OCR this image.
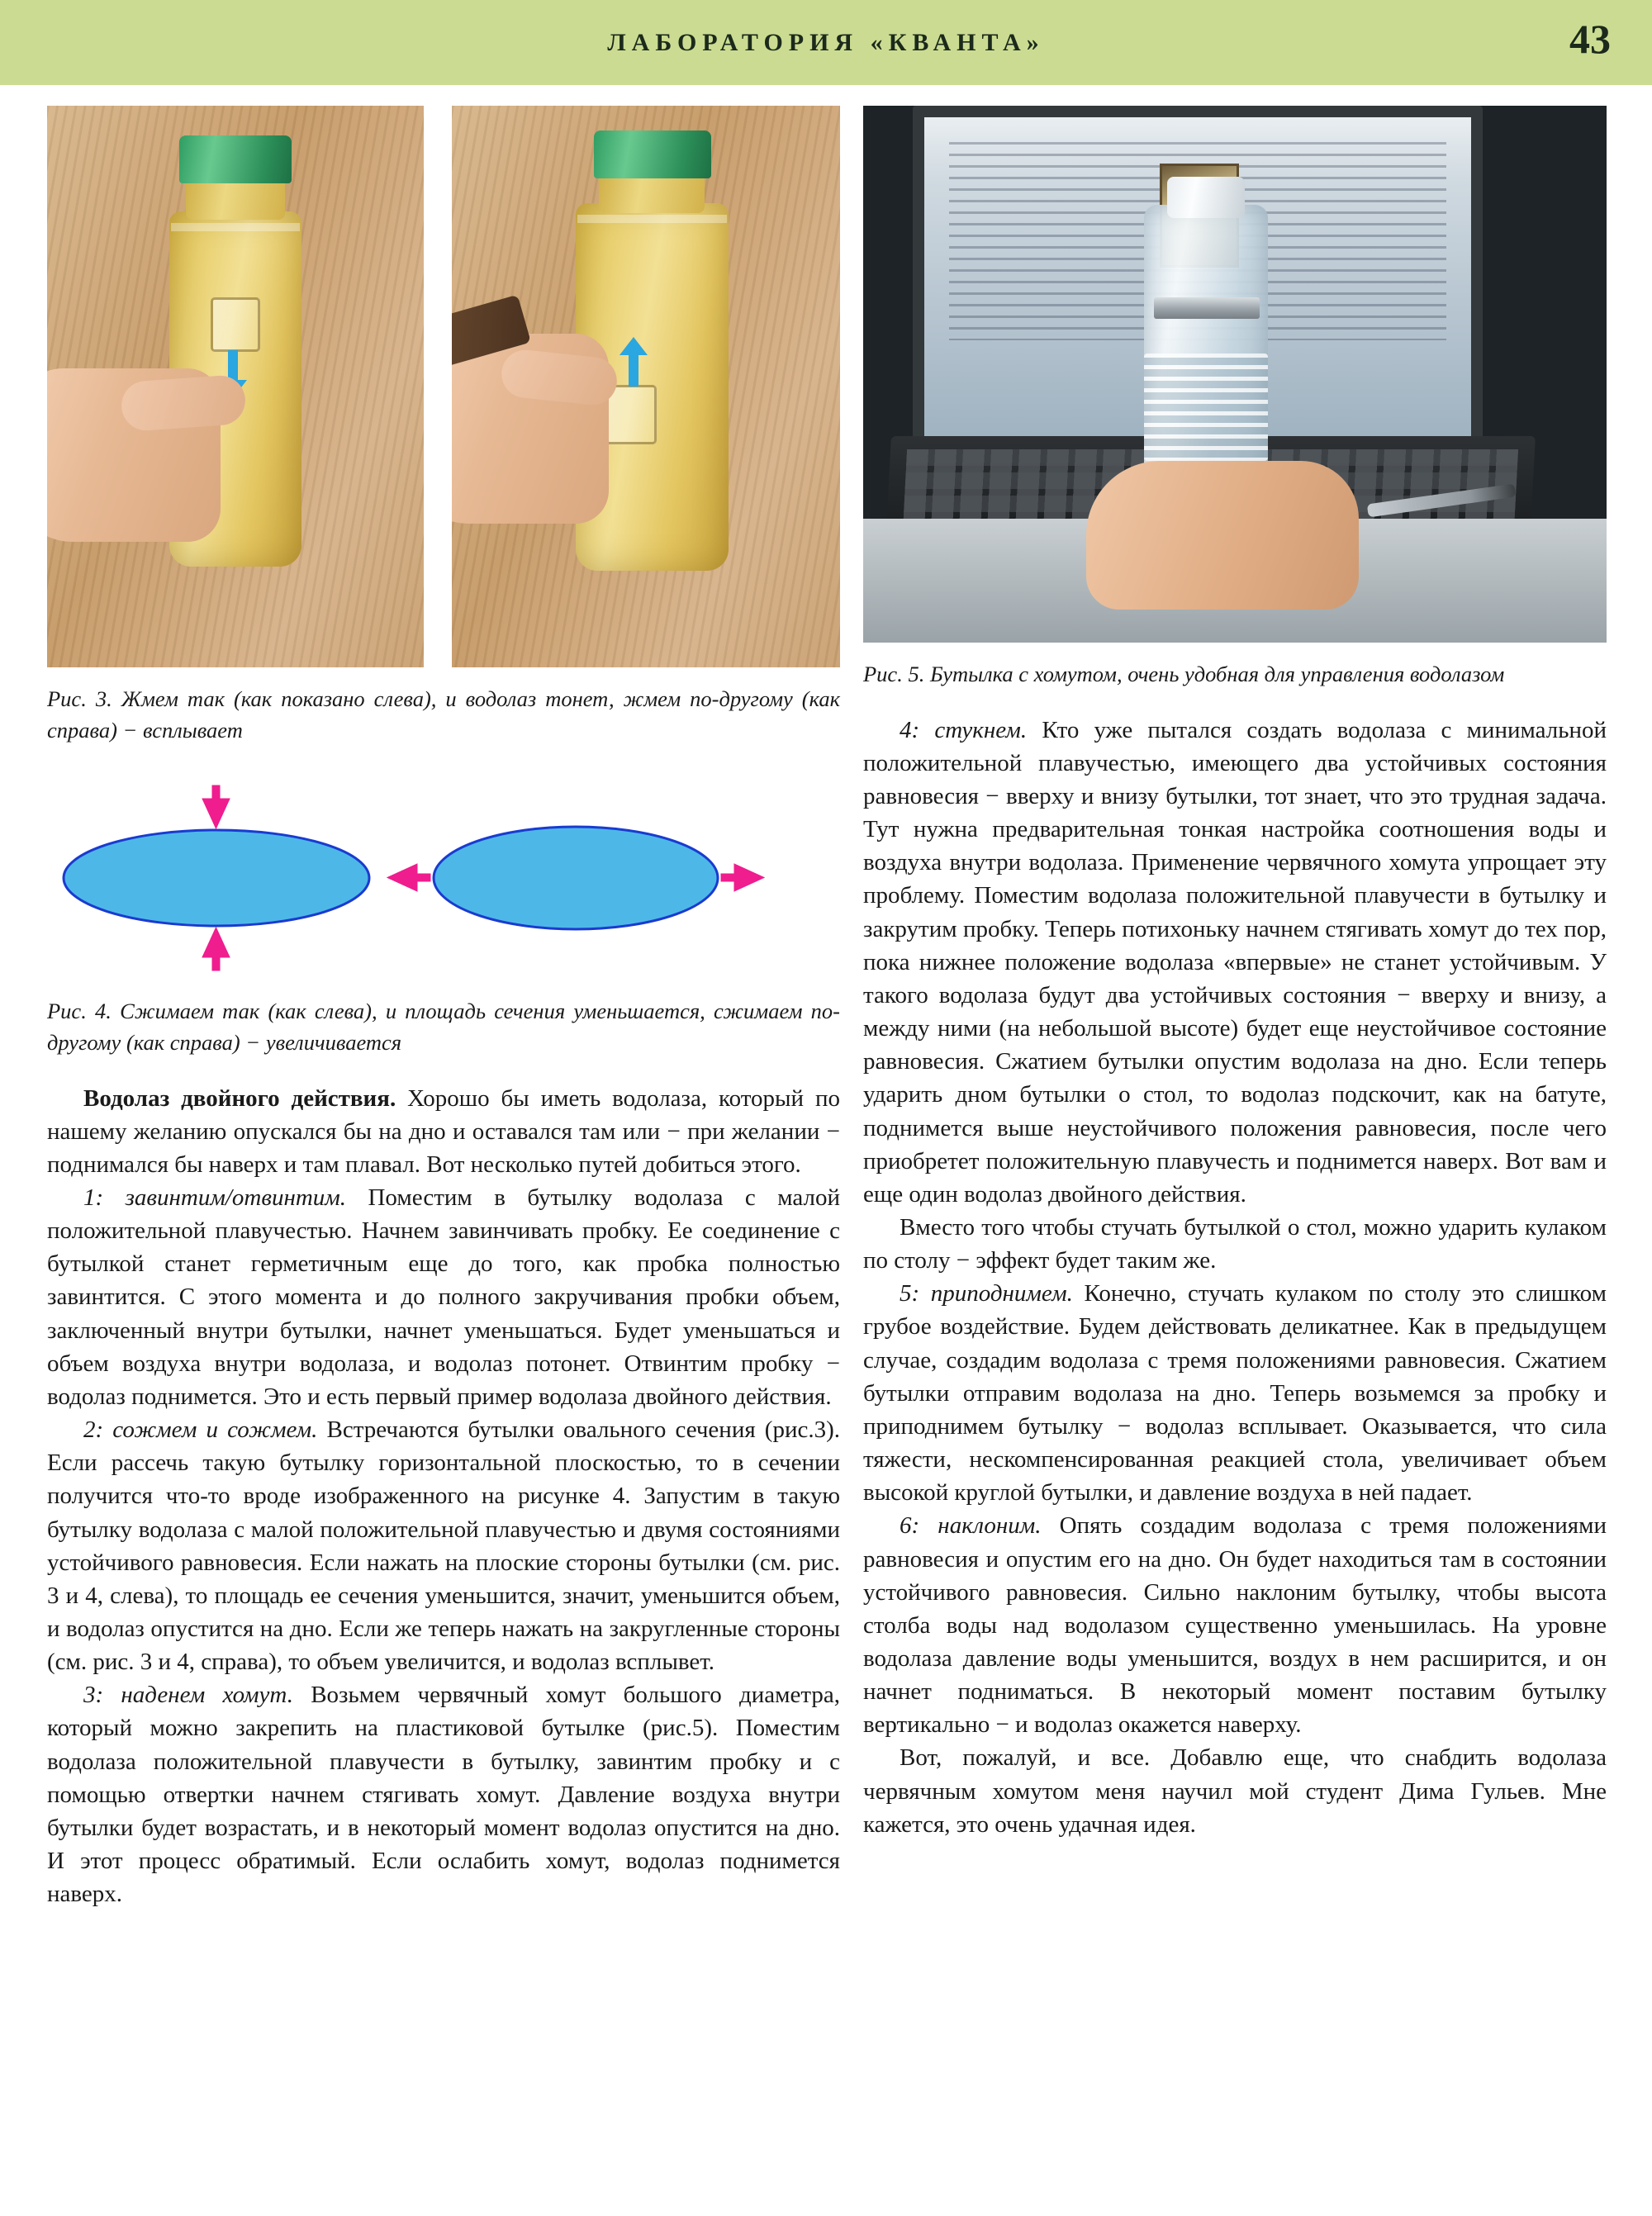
ЛАБОРАТОРИЯ «КВАНТА»	43
Рис. 3. Жмем так (как показано слева), и водолаз тонет, жмем по-другому (как справа) − всплывает
Рис. 4. Сжимаем так (как слева), и площадь сечения уменьшается, сжимаем по-другому (как справа) − увеличивается

Водолаз двойного действия. Хорошо бы иметь водолаза, который по нашему желанию опускался бы на дно и оставался там или − при желании − поднимался бы наверх и там плавал. Вот несколько путей добиться этого.

1: завинтим/отвинтим. Поместим в бутылку водолаза с малой положительной плавучестью. Начнем завинчивать пробку. Ее соединение с бутылкой станет герметичным еще до того, как пробка полностью завинтится. С этого момента и до полного закручивания пробки объем, заключенный внутри бутылки, начнет уменьшаться. Будет уменьшаться и объем воздуха внутри водолаза, и водолаз потонет. Отвинтим пробку − водолаз поднимется. Это и есть первый пример водолаза двойного действия.

2: сожмем и сожмем. Встречаются бутылки овального сечения (рис.3). Если рассечь такую бутылку горизонтальной плоскостью, то в сечении получится что-то вроде изображенного на рисунке 4. Запустим в такую бутылку водолаза с малой положительной плавучестью и двумя состояниями устойчивого равновесия. Если нажать на плоские стороны бутылки (см. рис. 3 и 4, слева), то площадь ее сечения уменьшится, значит, уменьшится объем, и водолаз опустится на дно. Если же теперь нажать на закругленные стороны (см. рис. 3 и 4, справа), то объем увеличится, и водолаз всплывет.

3: наденем хомут. Возьмем червячный хомут большого диаметра, который можно закрепить на пластиковой бутылке (рис.5). Поместим водолаза положительной плавучести в бутылку, завинтим пробку и с помощью отвертки начнем стягивать хомут. Давление воздуха внутри бутылки будет возрастать, и в некоторый момент водолаз опустится на дно. И этот процесс обратимый. Если ослабить хомут, водолаз поднимется наверх.

Рис. 5. Бутылка с хомутом, очень удобная для управления водолазом

4: стукнем. Кто уже пытался создать водолаза с минимальной положительной плавучестью, имеющего два устойчивых состояния равновесия − вверху и внизу бутылки, тот знает, что это трудная задача. Тут нужна предварительная тонкая настройка соотношения воды и воздуха внутри водолаза. Применение червячного хомута упрощает эту проблему. Поместим водолаза положительной плавучести в бутылку и закрутим пробку. Теперь потихоньку начнем стягивать хомут до тех пор, пока нижнее положение водолаза «впервые» не станет устойчивым. У такого водолаза будут два устойчивых состояния − вверху и внизу, а между ними (на небольшой высоте) будет еще неустойчивое состояние равновесия. Сжатием бутылки опустим водолаза на дно. Если теперь ударить дном бутылки о стол, то водолаз подскочит, как на батуте, поднимется выше неустойчивого положения равновесия, после чего приобретет положительную плавучесть и поднимется наверх. Вот вам и еще один водолаз двойного действия.

Вместо того чтобы стучать бутылкой о стол, можно ударить кулаком по столу − эффект будет таким же.

5: приподнимем. Конечно, стучать кулаком по столу это слишком грубое воздействие. Будем действовать деликатнее. Как в предыдущем случае, создадим водолаза с тремя положениями равновесия. Сжатием бутылки отправим водолаза на дно. Теперь возьмемся за пробку и приподнимем бутылку − водолаз всплывает. Оказывается, что сила тяжести, нескомпенсированная реакцией стола, увеличивает объем высокой круглой бутылки, и давление воздуха в ней падает.

6: наклоним. Опять создадим водолаза с тремя положениями равновесия и опустим его на дно. Он будет находиться там в состоянии устойчивого равновесия. Сильно наклоним бутылку, чтобы высота столба воды над водолазом существенно уменьшилась. На уровне водолаза давление воды уменьшится, воздух в нем расширится, и он начнет подниматься. В некоторый момент поставим бутылку вертикально − и водолаз окажется наверху.

Вот, пожалуй, и все. Добавлю еще, что снабдить водолаза червячным хомутом меня научил мой студент Дима Гульев. Мне кажется, это очень удачная идея.
